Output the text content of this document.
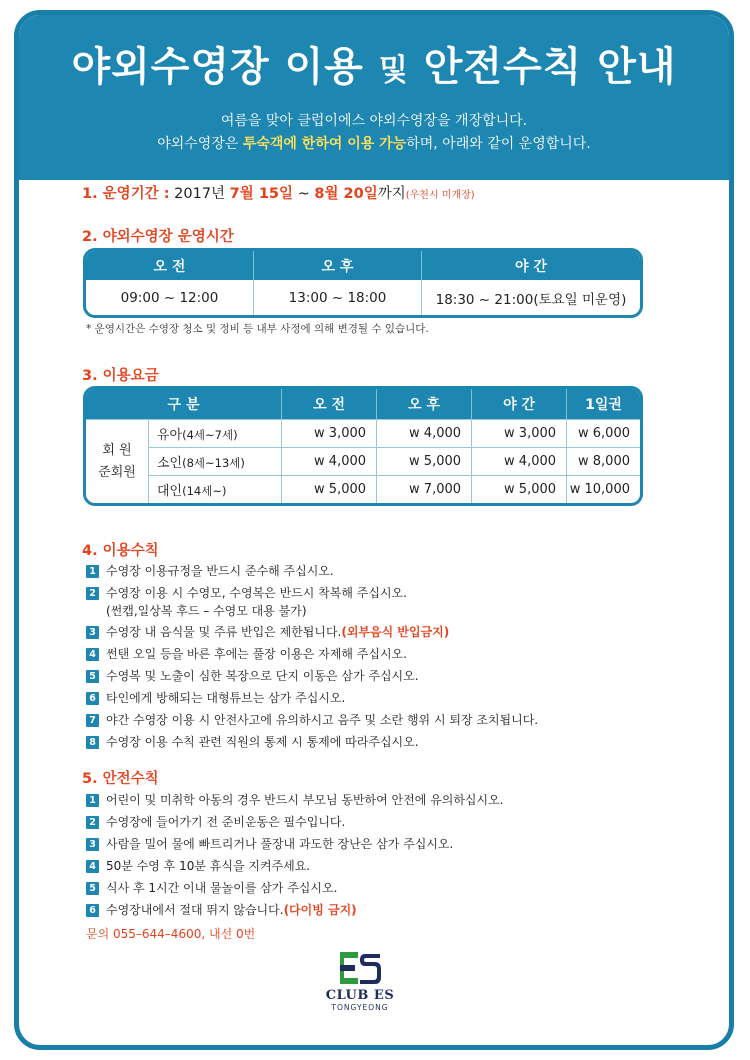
야외수영장 이용 및 안전수칙 안내
여름을 맞아 클럽이에스 야외수영장을 개장합니다.
야외수영장은 투숙객에 한하여 이용 가능하며, 아래와 같이 운영합니다.
1. 운영기간 : 2017년 7월 15일 ~ 8월 20일까지(우천시 미개장)
2. 야외수영장 운영시간
오 전	오 후	야 간
09:00 ~ 12:00	13:00 ~ 18:00	18:30 ~ 21:00(토요일 미운영)
* 운영시간은 수영장 청소 및 정비 등 내부 사정에 의해 변경될 수 있습니다.
3. 이용요금
구 분		오 전	오 후	야 간	1일권

회 원
준회원	유아(4세~7세)	w 3,000	w 4,000	w 3,000	w 6,000
	소인(8세~13세)	w 4,000	w 5,000	w 4,000	w 8,000
	대인(14세~)	w 5,000	w 7,000	w 5,000	w 10,000
4. 이용수칙
1 수영장 이용규정을 반드시 준수해 주십시오.
2 수영장 이용 시 수영모, 수영복은 반드시 착복해 주십시오.
(썬캡,일상복 후드 – 수영모 대용 불가)
3 수영장 내 음식물 및 주류 반입은 제한됩니다.(외부음식 반입금지)
4 썬탠 오일 등을 바른 후에는 풀장 이용은 자제해 주십시오.
5 수영복 및 노출이 심한 복장으로 단지 이동은 삼가 주십시오.
6 타인에게 방해되는 대형튜브는 삼가 주십시오.
7 야간 수영장 이용 시 안전사고에 유의하시고 음주 및 소란 행위 시 퇴장 조치됩니다.
8 수영장 이용 수칙 관련 직원의 통제 시 통제에 따라주십시오.
5. 안전수칙
1 어린이 및 미취학 아동의 경우 반드시 부모님 동반하여 안전에 유의하십시오.
2 수영장에 들어가기 전 준비운동은 필수입니다.
3 사람을 밀어 물에 빠트리거나 풀장내 과도한 장난은 삼가 주십시오.
4 50분 수영 후 10분 휴식을 지켜주세요.
5 식사 후 1시간 이내 물놀이를 삼가 주십시오.
6 수영장내에서 절대 뛰지 않습니다.(다이빙 금지)
문의 055–644–4600, 내선 0번
CLUB ES
TONGYEONG
